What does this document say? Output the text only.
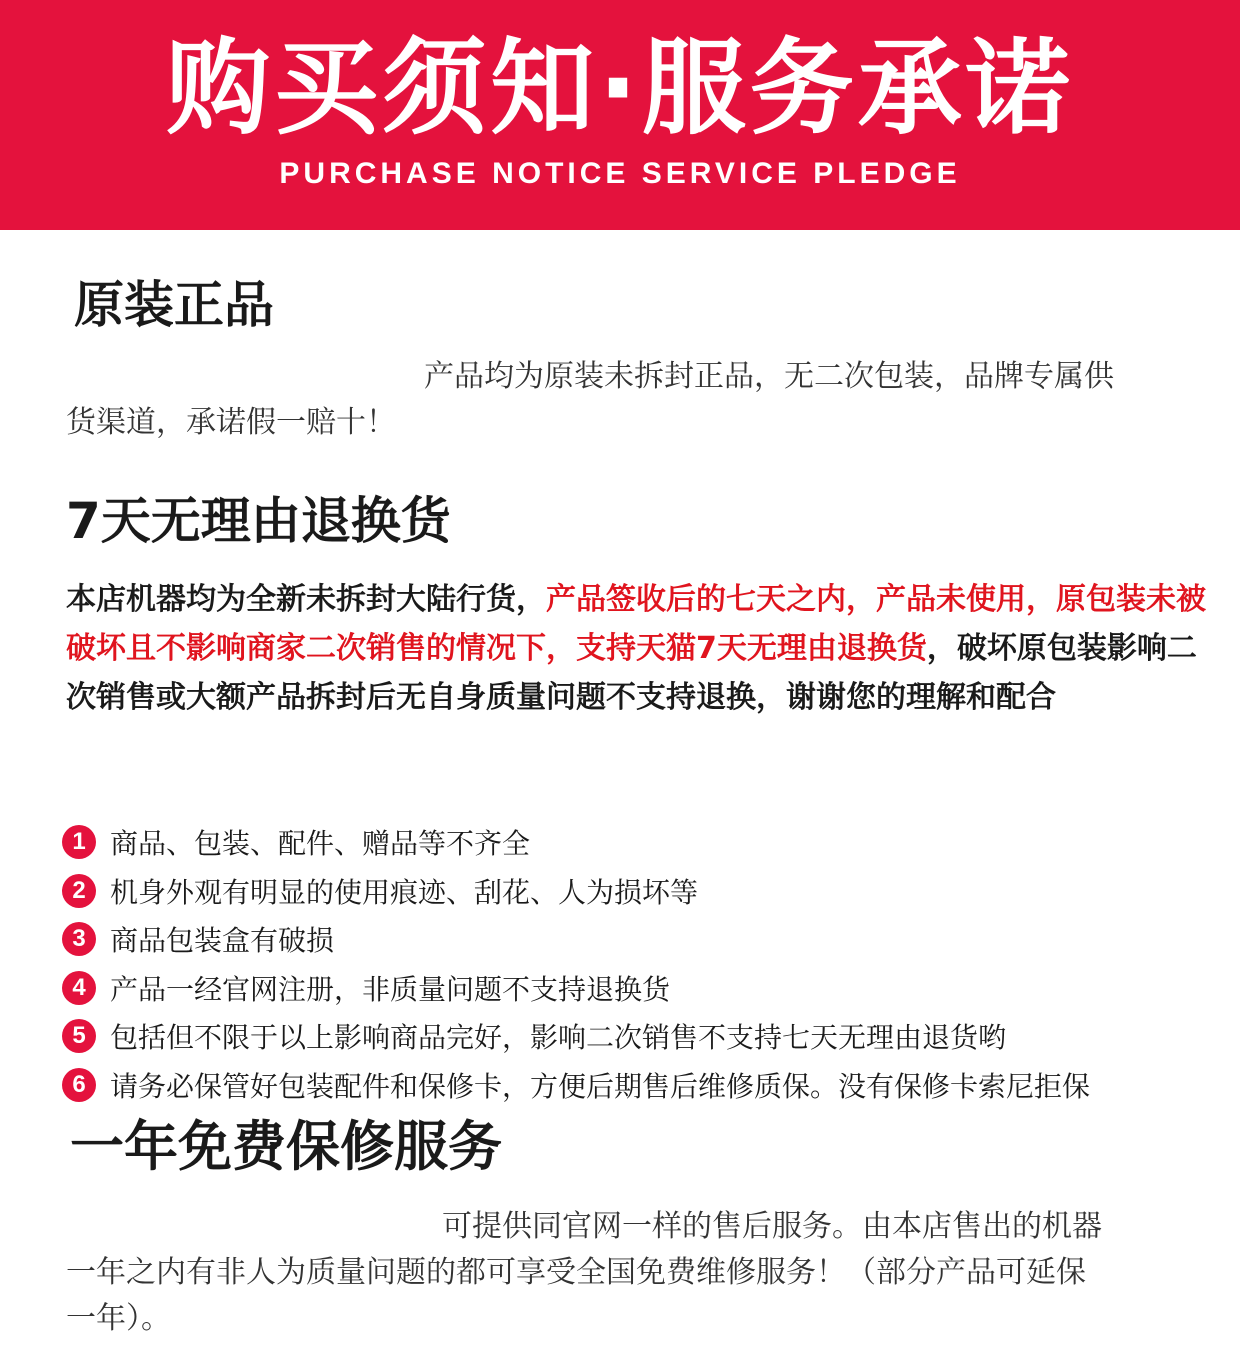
购买须知·服务承诺
PURCHASE NOTICE SERVICE PLEDGE
原装正品
产品均为原装未拆封正品，无二次包装，品牌专属供
货渠道，承诺假一赔十！
7天无理由退换货
本店机器均为全新未拆封大陆行货，产品签收后的七天之内，产品未使用，原包装未被破坏且不影响商家二次销售的情况下，支持天猫7天无理由退换货，破坏原包装影响二次销售或大额产品拆封后无自身质量问题不支持退换，谢谢您的理解和配合
1 商品、包装、配件、赠品等不齐全
2 机身外观有明显的使用痕迹、刮花、人为损坏等
3 商品包装盒有破损
4 产品一经官网注册，非质量问题不支持退换货
5 包括但不限于以上影响商品完好，影响二次销售不支持七天无理由退货哟
6 请务必保管好包装配件和保修卡，方便后期售后维修质保。没有保修卡索尼拒保
一年免费保修服务
可提供同官网一样的售后服务。由本店售出的机器
一年之内有非人为质量问题的都可享受全国免费维修服务！（部分产品可延保
一年）。
